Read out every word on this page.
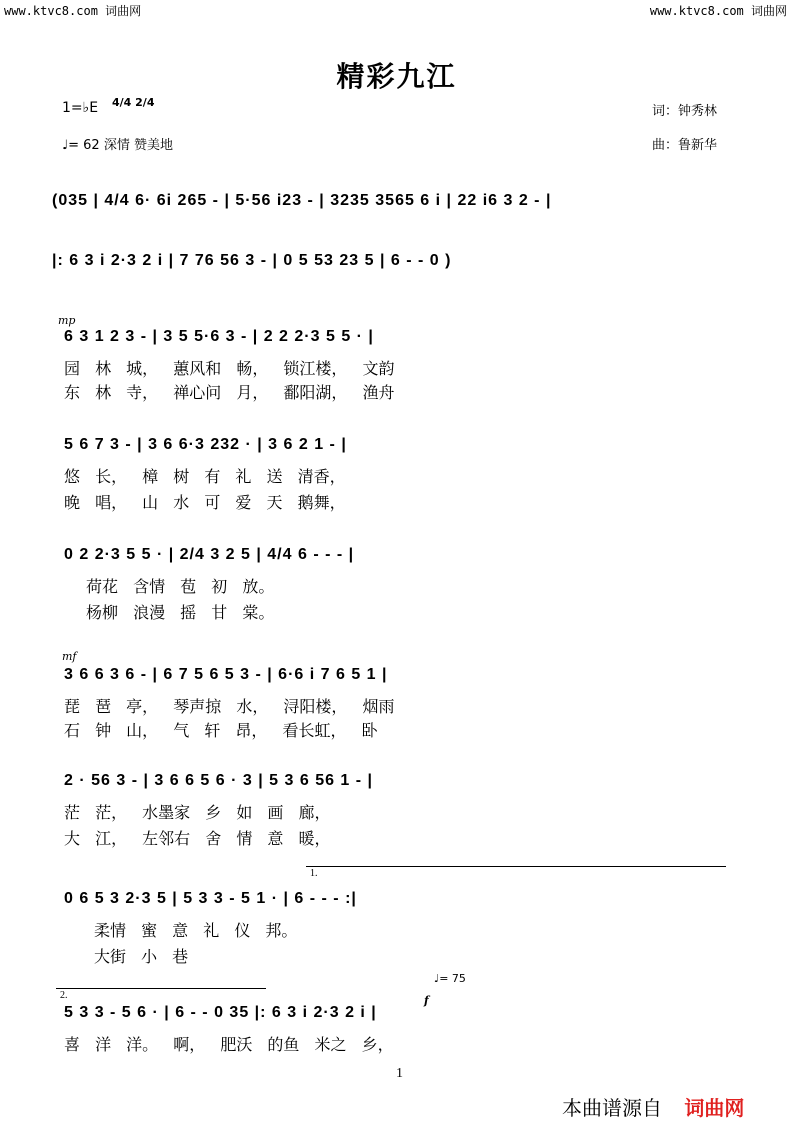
www.ktvc8.com 词曲网	www.ktvc8.com 词曲网
精彩九江
1=♭E 4/4 2/4
♩= 62 深情 赞美地
词：钟秀林
曲：鲁新华
(035 | 4/4 6· 6i 265 - | 5·56 i23 - | 3235 3565 6 i | 22 i6 3 2 - |
|: 6 3 i 2·3 2 i | 7 76 56 3 - | 0 5 53 23 5 | 6 - - 0 )
mp
6 3 1 2 3 - | 3 5 5·6 3 - | 2 2 2·3 5 5 · |
园 林 城， 蕙风和 畅， 锁江楼， 文韵
东 林 寺， 禅心问 月， 鄱阳湖， 渔舟
5 6 7 3 - | 3 6 6·3 232 · | 3 6 2 1 - |
悠 长， 樟 树 有 礼 送 清香，
晚 唱， 山 水 可 爱 天 鹅舞，
0 2 2·3 5 5 · | 2/4 3 2 5 | 4/4 6 - - - |
荷花 含情 苞 初 放。
杨柳 浪漫 摇 甘 棠。
mf
3 6 6 3 6 - | 6 7 5 6 5 3 - | 6·6 i 7 6 5 1 |
琵 琶 亭， 琴声掠 水， 浔阳楼， 烟雨
石 钟 山， 气 轩 昂， 看长虹， 卧
2 · 56 3 - | 3 6 6 5 6 · 3 | 5 3 6 56 1 - |
茫 茫， 水墨家 乡 如 画 廊，
大 江， 左邻右 舍 情 意 暖，
1.
0 6 5 3 2·3 5 | 5 3 3 - 5 1 · | 6 - - - :|
柔情 蜜 意 礼 仪 邦。
大街 小 巷
2.
♩= 75
f
5 3 3 - 5 6 · | 6 - - 0 35 |: 6 3 i 2·3 2 i |
喜 洋 洋。 啊， 肥沃 的鱼 米之 乡，
1
本曲谱源自 词曲网
